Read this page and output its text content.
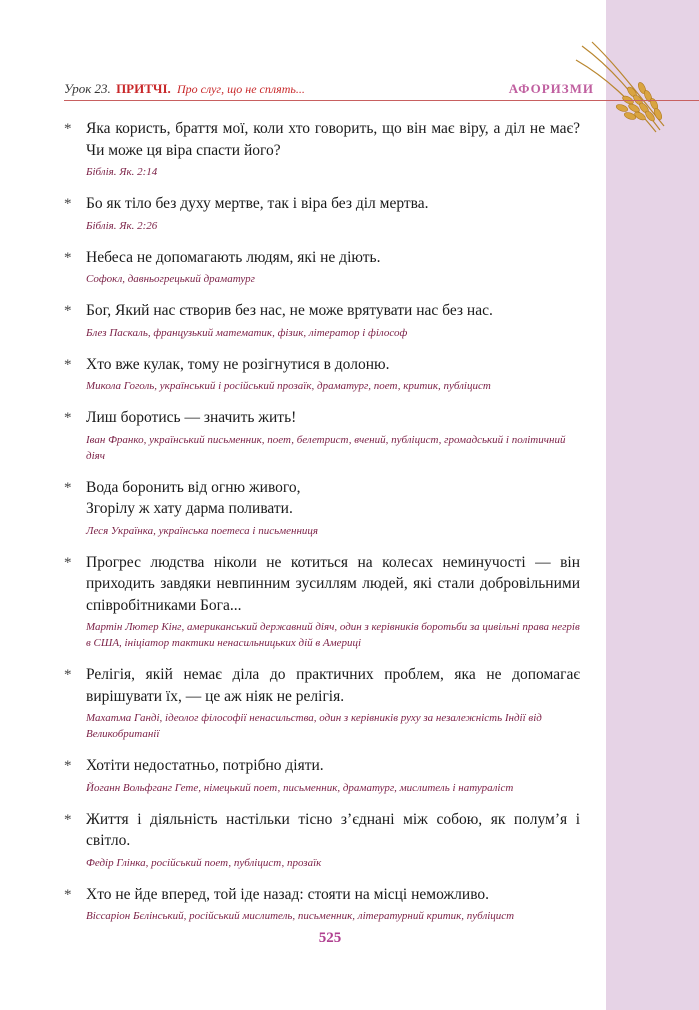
Урок 23. ПРИТЧІ. Про слуг, що не сплять...	АФОРИЗМИ
* Яка користь, браття мої, коли хто говорить, що він має віру, а діл не має? Чи може ця віра спасти його?
Біблія. Як. 2:14
* Бо як тіло без духу мертве, так і віра без діл мертва.
Біблія. Як. 2:26
* Небеса не допомагають людям, які не діють.
Софокл, давньогрецький драматург
* Бог, Який нас створив без нас, не може врятувати нас без нас.
Блез Паскаль, французький математик, фізик, літератор і філософ
* Хто вже кулак, тому не розігнутися в долоню.
Микола Гоголь, український і російський прозаїк, драматург, поет, критик, публіцист
* Лиш боротись — значить жить!
Іван Франко, український письменник, поет, белетрист, вчений, публіцист, громадський і політичний діяч
* Вода боронить від огню живого,
Згорілу ж хату дарма поливати.
Леся Українка, українська поетеса і письменниця
* Прогрес людства ніколи не котиться на колесах неминучості — він приходить завдяки невпинним зусиллям людей, які стали добровільними співробітниками Бога...
Мартін Лютер Кінг, американський державний діяч, один з керівників боротьби за цивільні права негрів в США, ініціатор тактики ненасильницьких дій в Америці
* Релігія, якій немає діла до практичних проблем, яка не допомагає вирішувати їх, — це аж ніяк не релігія.
Махатма Ганді, ідеолог філософії ненасильства, один з керівників руху за незалежність Індії від Великобританії
* Хотіти недостатньо, потрібно діяти.
Йоганн Вольфганг Гете, німецький поет, письменник, драматург, мислитель і натураліст
* Життя і діяльність настільки тісно з’єднані між собою, як полум’я і світло.
Федір Глінка, російський поет, публіцист, прозаїк
* Хто не йде вперед, той іде назад: стояти на місці неможливо.
Віссаріон Бєлінський, російський мислитель, письменник, літературний критик, публіцист
525
